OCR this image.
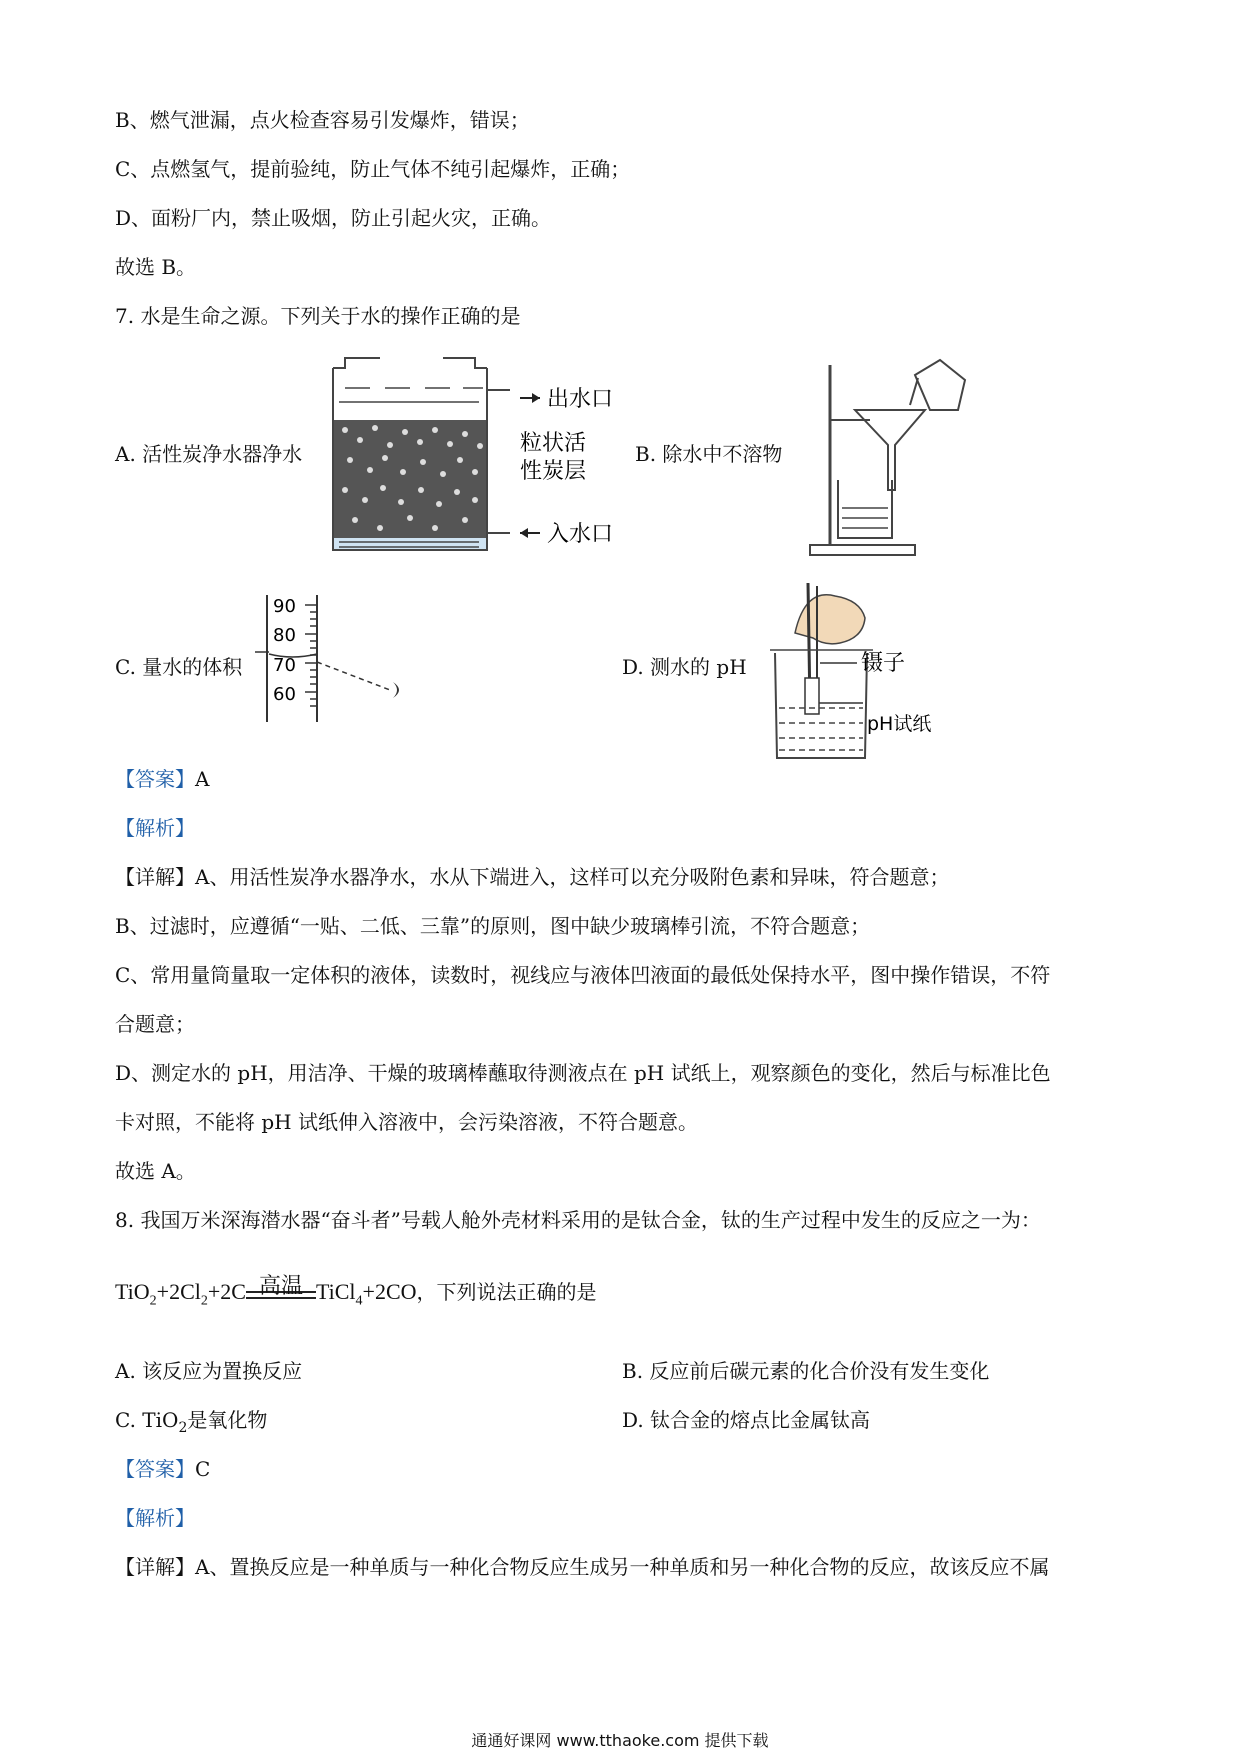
B、燃气泄漏，点火检查容易引发爆炸，错误；
C、点燃氢气，提前验纯，防止气体不纯引起爆炸，正确；
D、面粉厂内，禁止吸烟，防止引起火灾，正确。
故选 B。
7. 水是生命之源。下列关于水的操作正确的是
A. 活性炭净水器净水
出水口
粒状活
性炭层
入水口
B. 除水中不溶物
C. 量水的体积
90
80
70
60
D. 测水的 pH	镊子
pH试纸
【答案】A
【解析】
【详解】A、用活性炭净水器净水，水从下端进入，这样可以充分吸附色素和异味，符合题意；
B、过滤时，应遵循“一贴、二低、三靠”的原则，图中缺少玻璃棒引流，不符合题意；
C、常用量筒量取一定体积的液体，读数时，视线应与液体凹液面的最低处保持水平，图中操作错误，不符
合题意；
D、测定水的 pH，用洁净、干燥的玻璃棒蘸取待测液点在 pH 试纸上，观察颜色的变化，然后与标准比色
卡对照，不能将 pH 试纸伸入溶液中，会污染溶液，不符合题意。
故选 A。
8. 我国万米深海潜水器“奋斗者”号载人舱外壳材料采用的是钛合金，钛的生产过程中发生的反应之一为：
$TiO_2+2Cl_2+2C$ 高温 TiCl$_4$+2CO，下列说法正确的是
A. 该反应为置换反应	B. 反应前后碳元素的化合价没有发生变化
C. TiO$_2$是氧化物	D. 钛合金的熔点比金属钛高
【答案】C
【解析】
【详解】A、置换反应是一种单质与一种化合物反应生成另一种单质和另一种化合物的反应，故该反应不属
通通好课网 www.tthaoke.com 提供下载
